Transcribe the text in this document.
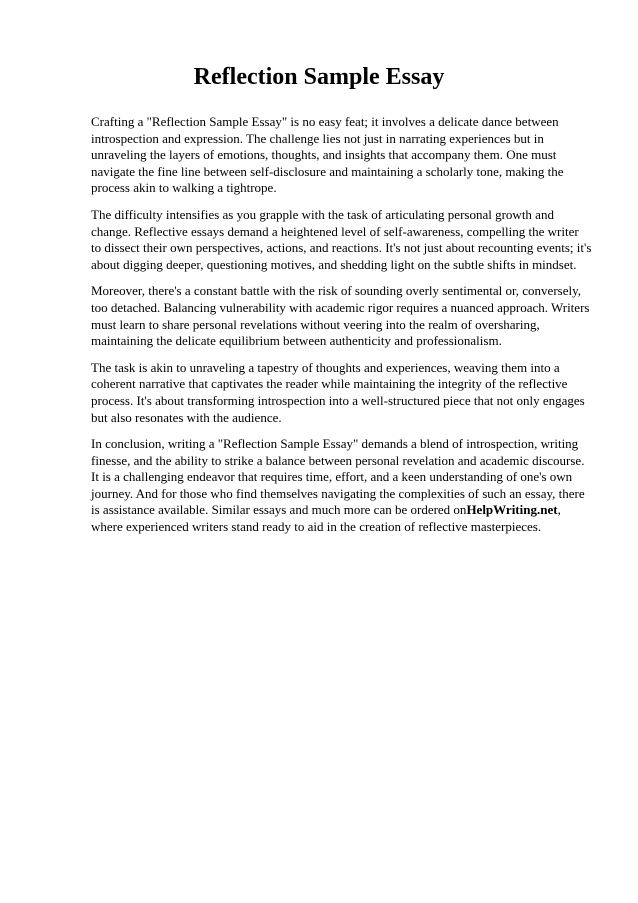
Reflection Sample Essay

Crafting a "Reflection Sample Essay" is no easy feat; it involves a delicate dance between introspection and expression. The challenge lies not just in narrating experiences but in unraveling the layers of emotions, thoughts, and insights that accompany them. One must navigate the fine line between self-disclosure and maintaining a scholarly tone, making the process akin to walking a tightrope.

The difficulty intensifies as you grapple with the task of articulating personal growth and change. Reflective essays demand a heightened level of self-awareness, compelling the writer to dissect their own perspectives, actions, and reactions. It's not just about recounting events; it's about digging deeper, questioning motives, and shedding light on the subtle shifts in mindset.

Moreover, there's a constant battle with the risk of sounding overly sentimental or, conversely, too detached. Balancing vulnerability with academic rigor requires a nuanced approach. Writers must learn to share personal revelations without veering into the realm of oversharing, maintaining the delicate equilibrium between authenticity and professionalism.

The task is akin to unraveling a tapestry of thoughts and experiences, weaving them into a coherent narrative that captivates the reader while maintaining the integrity of the reflective process. It's about transforming introspection into a well-structured piece that not only engages but also resonates with the audience.

In conclusion, writing a "Reflection Sample Essay" demands a blend of introspection, writing finesse, and the ability to strike a balance between personal revelation and academic discourse. It is a challenging endeavor that requires time, effort, and a keen understanding of one's own journey. And for those who find themselves navigating the complexities of such an essay, there is assistance available. Similar essays and much more can be ordered onHelpWriting.net, where experienced writers stand ready to aid in the creation of reflective masterpieces.
